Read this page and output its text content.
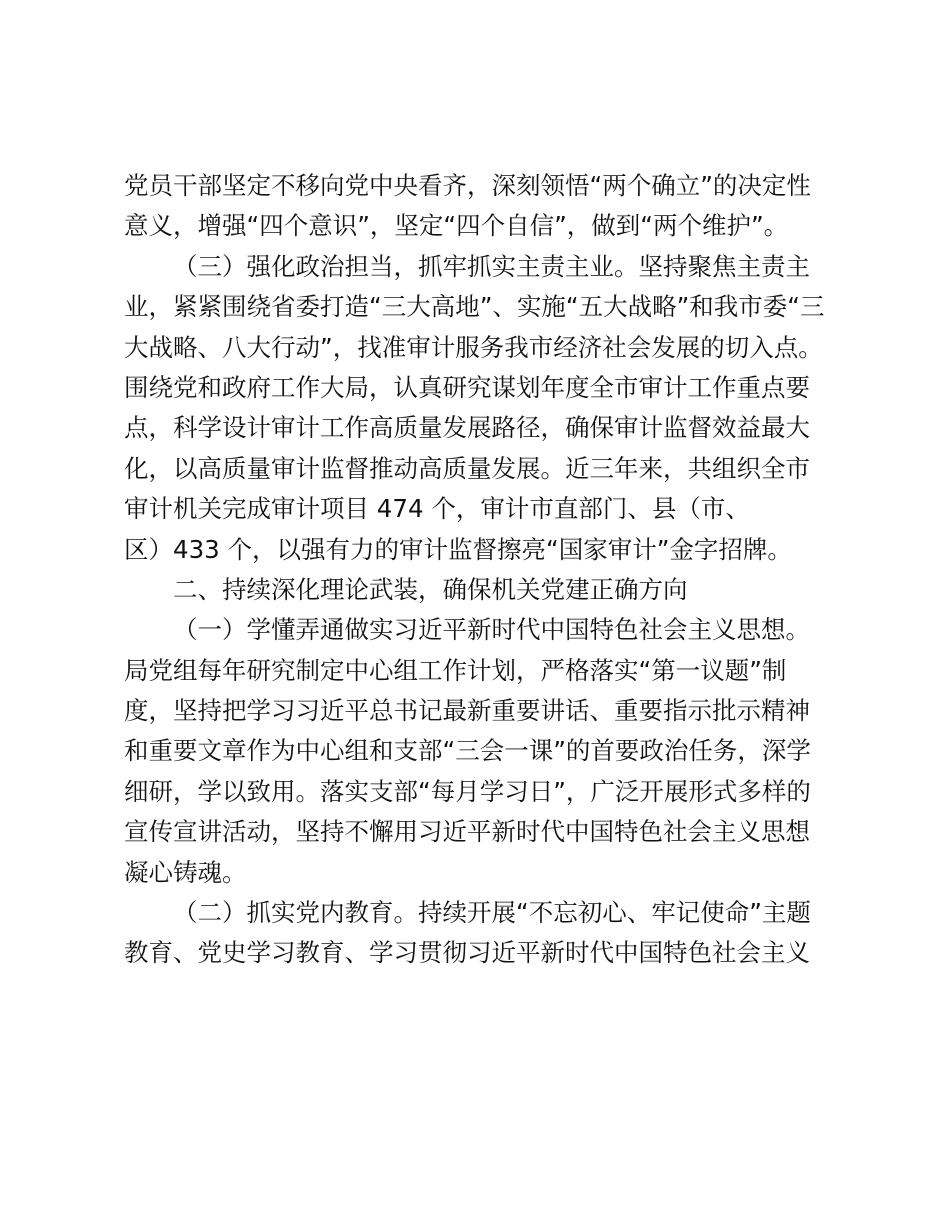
党员干部坚定不移向党中央看齐，深刻领悟“两个确立”的决定性
意义，增强“四个意识”，坚定“四个自信”，做到“两个维护”。
（三）强化政治担当，抓牢抓实主责主业。坚持聚焦主责主
业，紧紧围绕省委打造“三大高地”、实施“五大战略”和我市委“三
大战略、八大行动”，找准审计服务我市经济社会发展的切入点。
围绕党和政府工作大局，认真研究谋划年度全市审计工作重点要
点，科学设计审计工作高质量发展路径，确保审计监督效益最大
化，以高质量审计监督推动高质量发展。近三年来，共组织全市
审计机关完成审计项目 474 个，审计市直部门、县（市、
区）433 个，以强有力的审计监督擦亮“国家审计”金字招牌。
二、持续深化理论武装，确保机关党建正确方向
（一）学懂弄通做实习近平新时代中国特色社会主义思想。
局党组每年研究制定中心组工作计划，严格落实“第一议题”制
度，坚持把学习习近平总书记最新重要讲话、重要指示批示精神
和重要文章作为中心组和支部“三会一课”的首要政治任务，深学
细研，学以致用。落实支部“每月学习日”，广泛开展形式多样的
宣传宣讲活动，坚持不懈用习近平新时代中国特色社会主义思想
凝心铸魂。
（二）抓实党内教育。持续开展“不忘初心、牢记使命”主题
教育、党史学习教育、学习贯彻习近平新时代中国特色社会主义
